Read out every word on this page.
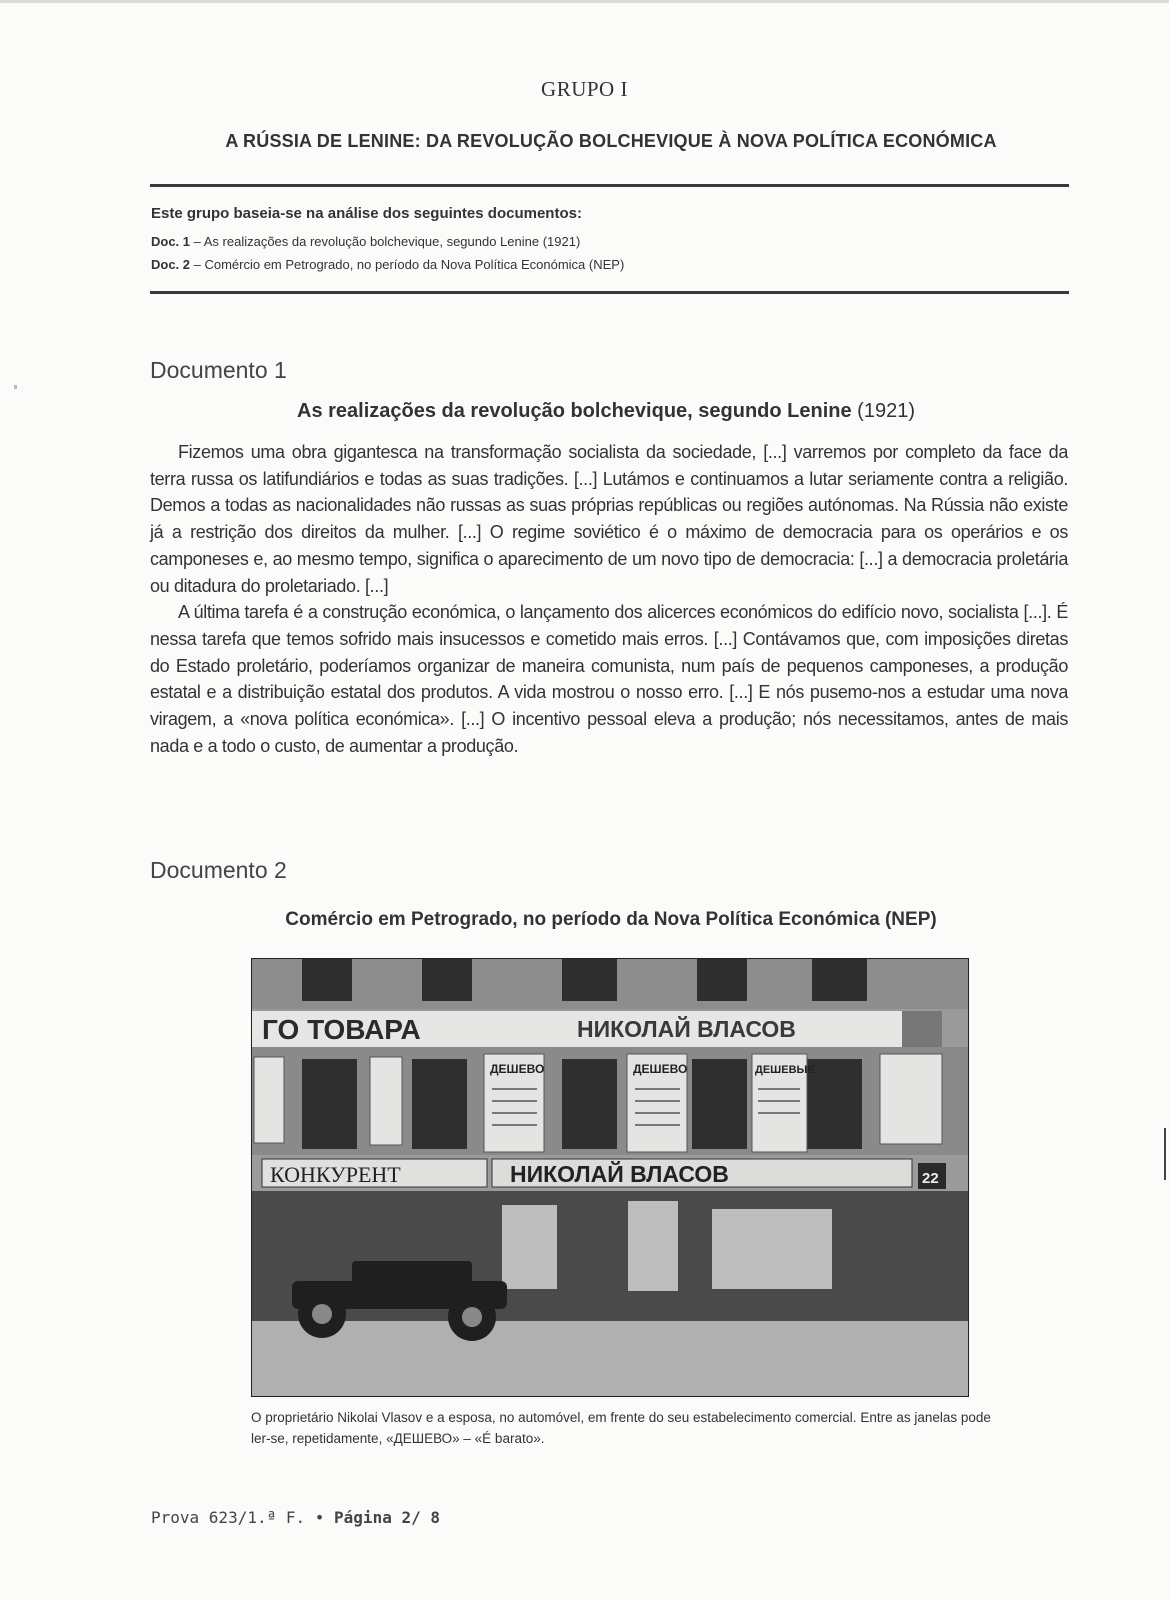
GRUPO I
A RÚSSIA DE LENINE: DA REVOLUÇÃO BOLCHEVIQUE À NOVA POLÍTICA ECONÓMICA
Este grupo baseia-se na análise dos seguintes documentos:
Doc. 1 – As realizações da revolução bolchevique, segundo Lenine (1921)
Doc. 2 – Comércio em Petrogrado, no período da Nova Política Económica (NEP)
Documento 1
As realizações da revolução bolchevique, segundo Lenine (1921)

Fizemos uma obra gigantesca na transformação socialista da sociedade, [...] varremos por completo da face da terra russa os latifundiários e todas as suas tradições. [...] Lutámos e continuamos a lutar seriamente contra a religião. Demos a todas as nacionalidades não russas as suas próprias repúblicas ou regiões autónomas. Na Rússia não existe já a restrição dos direitos da mulher. [...] O regime soviético é o máximo de democracia para os operários e os camponeses e, ao mesmo tempo, significa o aparecimento de um novo tipo de democracia: [...] a democracia proletária ou ditadura do proletariado. [...]

A última tarefa é a construção económica, o lançamento dos alicerces económicos do edifício novo, socialista [...]. É nessa tarefa que temos sofrido mais insucessos e cometido mais erros. [...] Contávamos que, com imposições diretas do Estado proletário, poderíamos organizar de maneira comunista, num país de pequenos camponeses, a produção estatal e a distribuição estatal dos produtos. A vida mostrou o nosso erro. [...] E nós pusemo-nos a estudar uma nova viragem, a «nova política económica». [...] O incentivo pessoal eleva a produção; nós necessitamos, antes de mais nada e a todo o custo, de aumentar a produção.

Documento 2
Comércio em Petrogrado, no período da Nova Política Económica (NEP)
ГО ТОВАРА	НИКОЛАЙ ВЛАСОВ
ДЕШЕВО	ДЕШЕВО	ДЕШЕВЫЕ
КОНКУРЕНТ	НИКОЛАЙ ВЛАСОВ	22
O proprietário Nikolai Vlasov e a esposa, no automóvel, em frente do seu estabelecimento comercial. Entre as janelas pode ler-se, repetidamente, «ДЕШЕВО» – «É barato».
Prova 623/1.ª F. • Página 2/ 8
